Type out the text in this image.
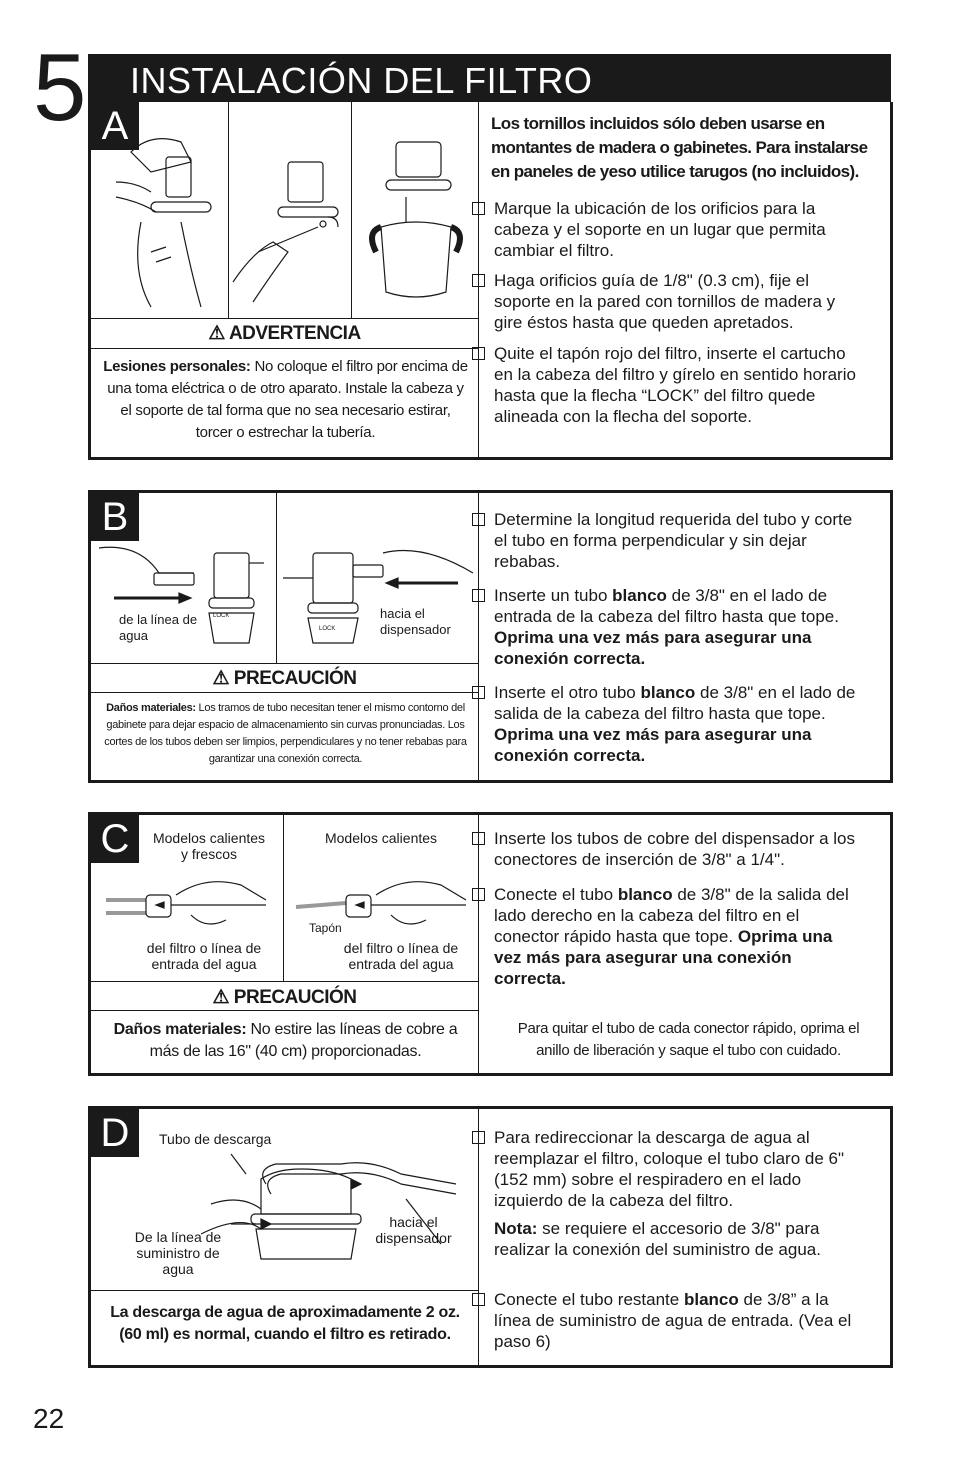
5 INSTALACIÓN DEL FILTRO
A
⚠ ADVERTENCIA
Lesiones personales: No coloque el filtro por encima de una toma eléctrica o de otro aparato. Instale la cabeza y el soporte de tal forma que no sea necesario estirar, torcer o estrechar la tubería.
Los tornillos incluidos sólo deben usarse en montantes de madera o gabinetes. Para instalarse en paneles de yeso utilice tarugos (no incluidos).
Marque la ubicación de los orificios para la cabeza y el soporte en un lugar que permita cambiar el filtro.
Haga orificios guía de 1/8" (0.3 cm), fije el soporte en la pared con tornillos de madera y gire éstos hasta que queden apretados.
Quite el tapón rojo del filtro, inserte el cartucho en la cabeza del filtro y gírelo en sentido horario hasta que la flecha “LOCK” del filtro quede alineada con la flecha del soporte.
B
de la línea de agua
LOCK
LOCK
hacia el dispensador
⚠ PRECAUCIÓN
Daños materiales: Los tramos de tubo necesitan tener el mismo contorno del gabinete para dejar espacio de almacenamiento sin curvas pronunciadas. Los cortes de los tubos deben ser limpios, perpendiculares y no tener rebabas para garantizar una conexión correcta.
Determine la longitud requerida del tubo y corte el tubo en forma perpendicular y sin dejar rebabas.
Inserte un tubo blanco de 3/8" en el lado de entrada de la cabeza del filtro hasta que tope. Oprima una vez más para asegurar una conexión correcta.
Inserte el otro tubo blanco de 3/8" en el lado de salida de la cabeza del filtro hasta que tope. Oprima una vez más para asegurar una conexión correcta.
C	Modelos calientes y frescos
Modelos calientes
Tapón
del filtro o línea de entrada del agua
del filtro o línea de entrada del agua
⚠ PRECAUCIÓN
Daños materiales: No estire las líneas de cobre a más de las 16" (40 cm) proporcionadas.
Inserte los tubos de cobre del dispensador a los conectores de inserción de 3/8" a 1/4".
Conecte el tubo blanco de 3/8" de la salida del lado derecho en la cabeza del filtro en el conector rápido hasta que tope. Oprima una vez más para asegurar una conexión correcta.
Para quitar el tubo de cada conector rápido, oprima el anillo de liberación y saque el tubo con cuidado.
D	Tubo de descarga
De la línea de suministro de agua
hacia el dispensador
La descarga de agua de aproximadamente 2 oz. (60 ml) es normal, cuando el filtro es retirado.
Para redireccionar la descarga de agua al reemplazar el filtro, coloque el tubo claro de 6" (152 mm) sobre el respiradero en el lado izquierdo de la cabeza del filtro.
Nota: se requiere el accesorio de 3/8" para realizar la conexión del suministro de agua.
Conecte el tubo restante blanco de 3/8” a la línea de suministro de agua de entrada. (Vea el paso 6)
22
